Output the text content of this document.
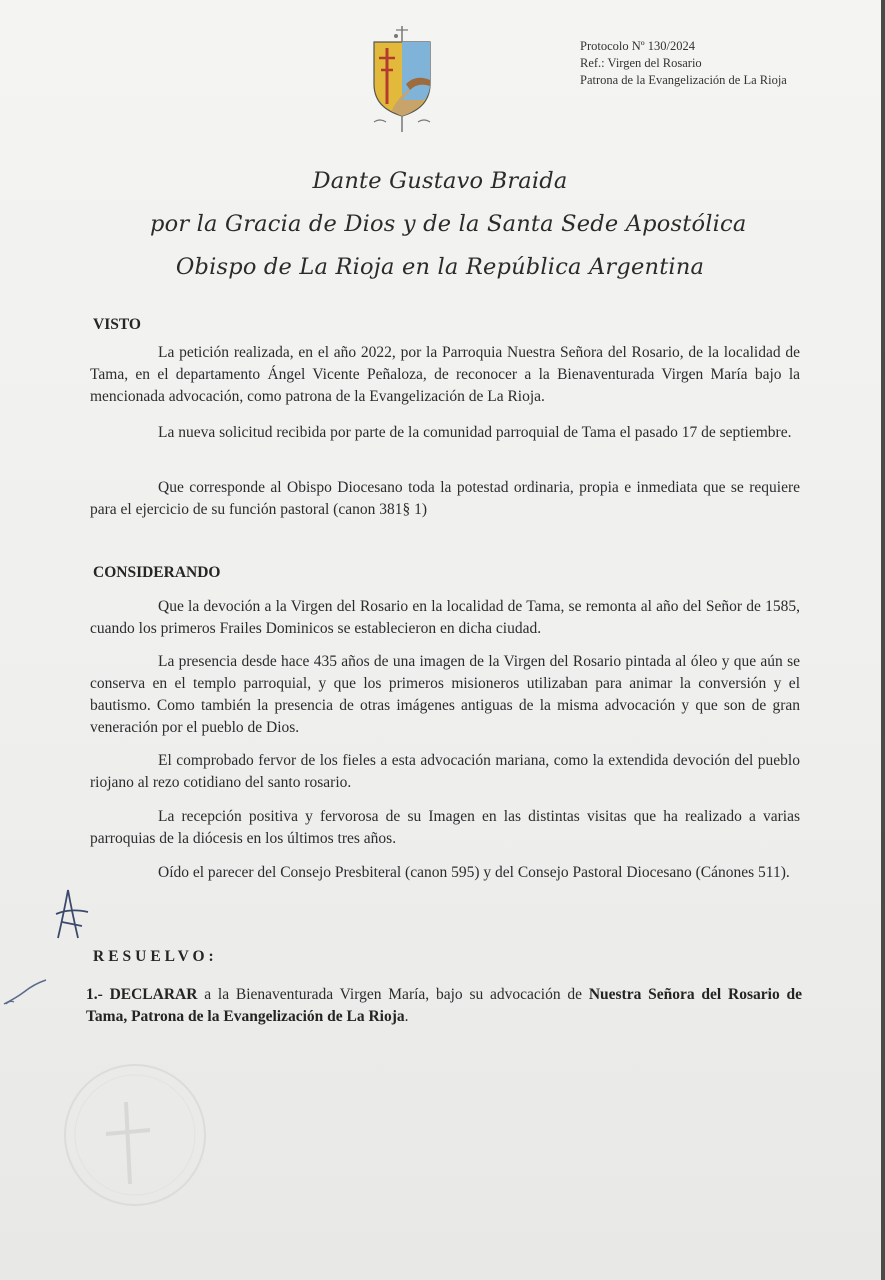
Protocolo Nº 130/2024
Ref.: Virgen del Rosario
Patrona de la Evangelización de La Rioja
Dante Gustavo Braida
por la Gracia de Dios y de la Santa Sede Apostólica
Obispo de La Rioja en la República Argentina
VISTO

La petición realizada, en el año 2022, por la Parroquia Nuestra Señora del Rosario, de la localidad de Tama, en el departamento Ángel Vicente Peñaloza, de reconocer a la Bienaventurada Virgen María bajo la mencionada advocación, como patrona de la Evangelización de La Rioja.

La nueva solicitud recibida por parte de la comunidad parroquial de Tama el pasado 17 de septiembre.

Que corresponde al Obispo Diocesano toda la potestad ordinaria, propia e inmediata que se requiere para el ejercicio de su función pastoral (canon 381§ 1)

CONSIDERANDO

Que la devoción a la Virgen del Rosario en la localidad de Tama, se remonta al año del Señor de 1585, cuando los primeros Frailes Dominicos se establecieron en dicha ciudad.

La presencia desde hace 435 años de una imagen de la Virgen del Rosario pintada al óleo y que aún se conserva en el templo parroquial, y que los primeros misioneros utilizaban para animar la conversión y el bautismo. Como también la presencia de otras imágenes antiguas de la misma advocación y que son de gran veneración por el pueblo de Dios.

El comprobado fervor de los fieles a esta advocación mariana, como la extendida devoción del pueblo riojano al rezo cotidiano del santo rosario.

La recepción positiva y fervorosa de su Imagen en las distintas visitas que ha realizado a varias parroquias de la diócesis en los últimos tres años.

Oído el parecer del Consejo Presbiteral (canon 595) y del Consejo Pastoral Diocesano (Cánones 511).

RESUELVO:

1.- DECLARAR a la Bienaventurada Virgen María, bajo su advocación de Nuestra Señora del Rosario de Tama, Patrona de la Evangelización de La Rioja.
